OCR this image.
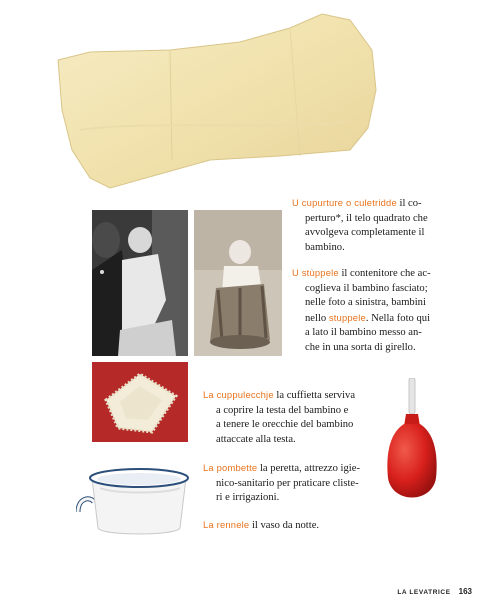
U cupurture o culetridde il co-
perturo*, il telo quadrato che
avvolgeva completamente il
bambino.
U stùppele il contenitore che ac-
coglieva il bambino fasciato;
nelle foto a sinistra, bambini
nello stuppele. Nella foto qui
a lato il bambino messo an-
che in una sorta di girello.
La cuppulecchje la cuffietta serviva
a coprire la testa del bambino e
a tenere le orecchie del bambino
attaccate alla testa.
La pombette la peretta, attrezzo igie-
nico-sanitario per praticare cliste-
ri e irrigazioni.
La rennele il vaso da notte.
LA LEVATRICE 163
